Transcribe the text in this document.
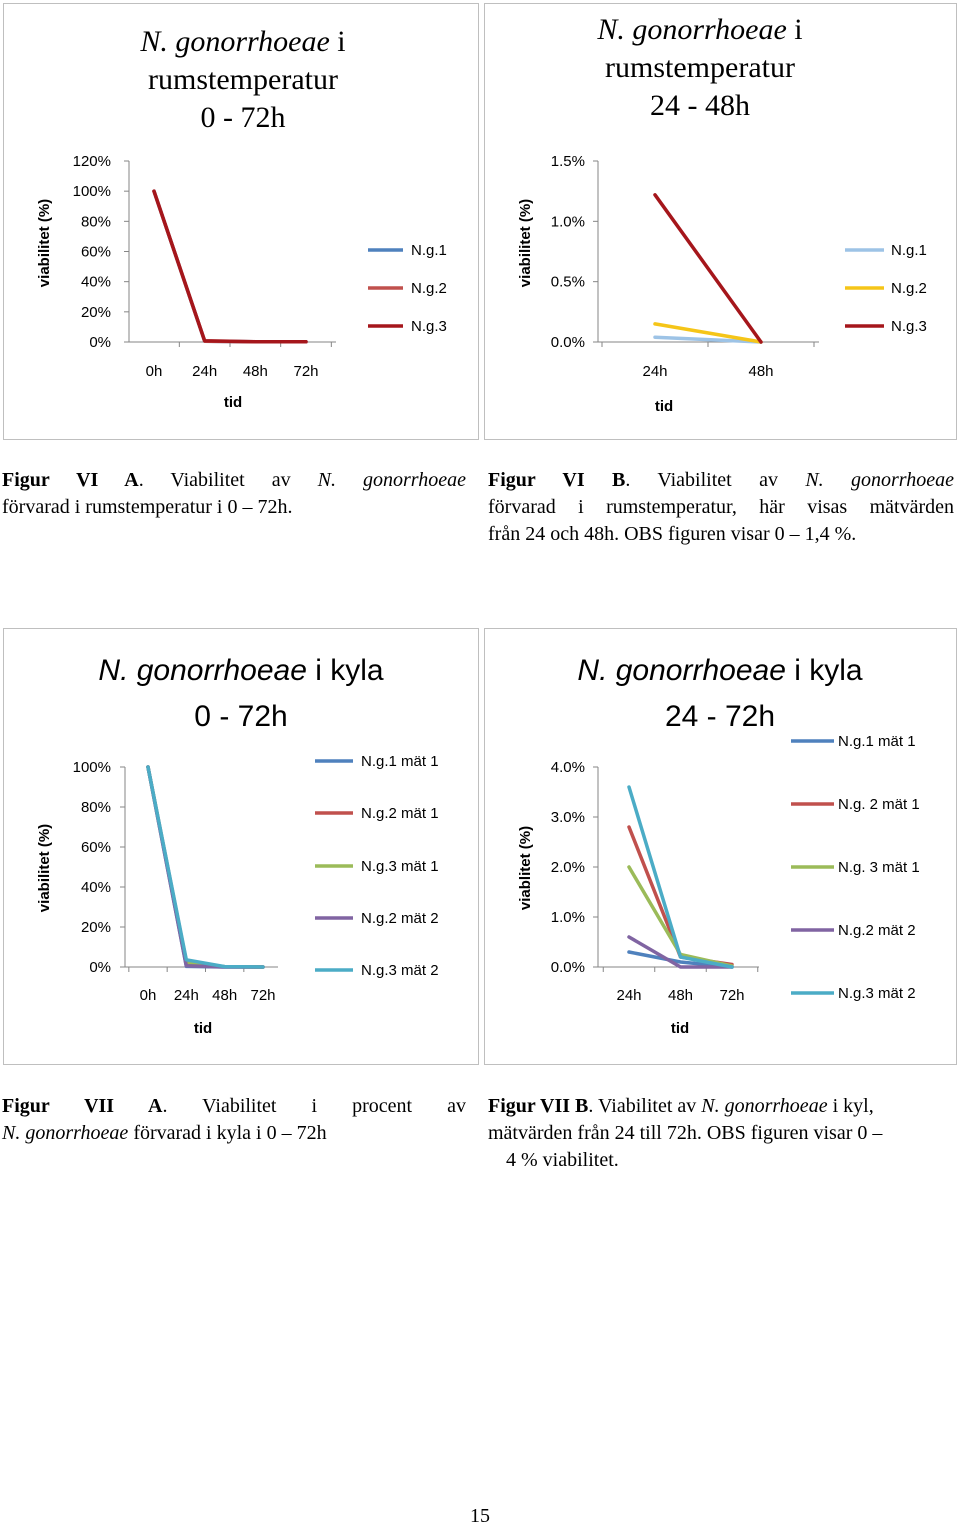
N. gonorrhoeae i
rumstemperatur
0 - 72h
120%
100%
80%
60%
40%
20%
0%
0h 24h 48h 72h
tid
viabilitet (%)	N.g.1
N.g.2
N.g.3
N. gonorrhoeae i
rumstemperatur
24 - 48h
1.5%
1.0%
0.5%
0.0%
24h	48h
tid
viabilitet (%)	N.g.1
N.g.2
N.g.3
N. gonorrhoeae i kyla
0 - 72h
100%
80%
60%
40%
20%
0%
0h 24h 48h 72h
tid
viabilitet (%)
N.g.1 mät 1
N.g.2 mät 1
N.g.3 mät 1
N.g.2 mät 2
N.g.3 mät 2
N. gonorrhoeae i kyla
24 - 72h
4.0%
3.0%
2.0%
1.0%
0.0%
24h 48h 72h
tid
viablitet (%)
N.g.1 mät 1
N.g. 2 mät 1
N.g. 3 mät 1
N.g.2 mät 2
N.g.3 mät 2
Figur VI A. Viabilitet av N. gonorrhoeae
förvarad i rumstemperatur i 0 – 72h.
Figur VI B. Viabilitet av N. gonorrhoeae
förvarad i rumstemperatur, här visas mätvärden
från 24 och 48h. OBS figuren visar 0 – 1,4 %.
Figur VII A. Viabilitet i procent av
N. gonorrhoeae förvarad i kyla i 0 – 72h
Figur VII B. Viabilitet av N. gonorrhoeae i kyl,
mätvärden från 24 till 72h. OBS figuren visar 0 –
4 % viabilitet.
15
